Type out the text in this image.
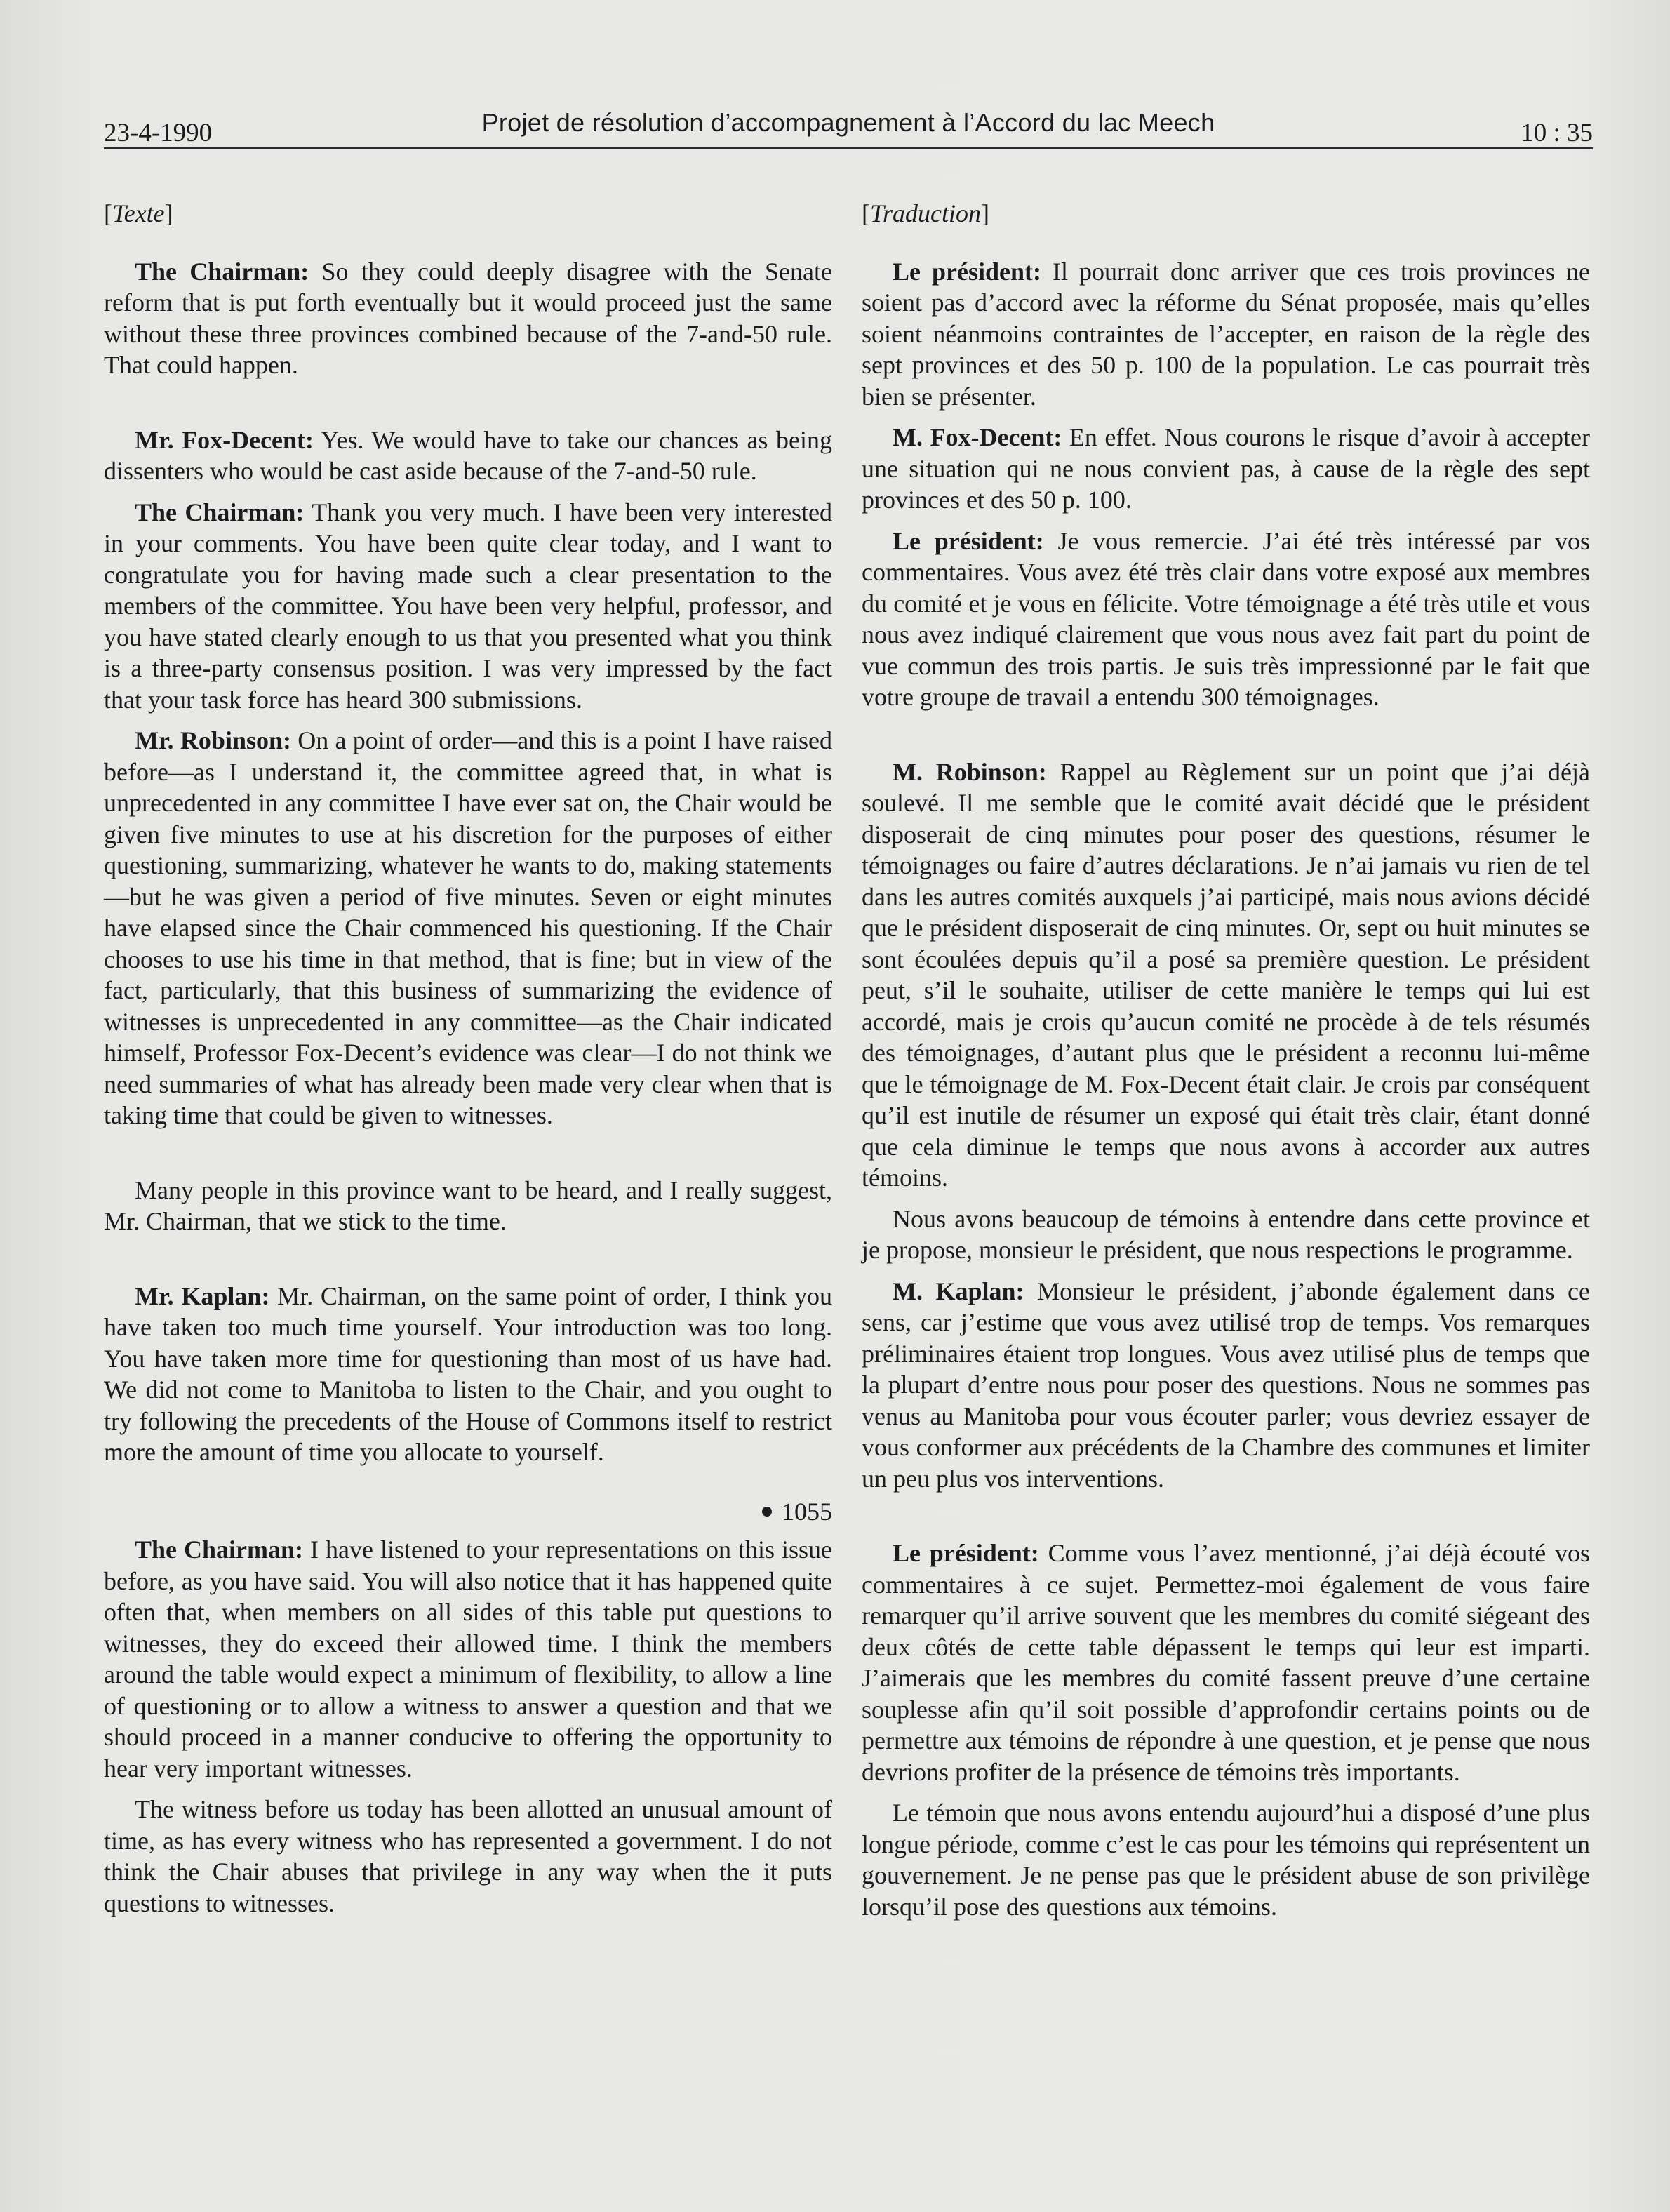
23-4-1990	Projet de résolution d’accompagnement à l’Accord du lac Meech	10 : 35

[Texte]

The Chairman: So they could deeply disagree with the Senate reform that is put forth eventually but it would proceed just the same without these three provinces combined because of the 7-and-50 rule. That could happen.

Mr. Fox-Decent: Yes. We would have to take our chances as being dissenters who would be cast aside because of the 7-and-50 rule.

The Chairman: Thank you very much. I have been very interested in your comments. You have been quite clear today, and I want to congratulate you for having made such a clear presentation to the members of the committee. You have been very helpful, professor, and you have stated clearly enough to us that you presented what you think is a three-party consensus position. I was very impressed by the fact that your task force has heard 300 submissions.

Mr. Robinson: On a point of order—and this is a point I have raised before—as I understand it, the committee agreed that, in what is unprecedented in any committee I have ever sat on, the Chair would be given five minutes to use at his discretion for the purposes of either questioning, summarizing, whatever he wants to do, making statements—but he was given a period of five minutes. Seven or eight minutes have elapsed since the Chair commenced his questioning. If the Chair chooses to use his time in that method, that is fine; but in view of the fact, particularly, that this business of summarizing the evidence of witnesses is unprecedented in any committee—as the Chair indicated himself, Professor Fox-Decent’s evidence was clear—I do not think we need summaries of what has already been made very clear when that is taking time that could be given to witnesses.

Many people in this province want to be heard, and I really suggest, Mr. Chairman, that we stick to the time.

Mr. Kaplan: Mr. Chairman, on the same point of order, I think you have taken too much time yourself. Your introduction was too long. You have taken more time for questioning than most of us have had. We did not come to Manitoba to listen to the Chair, and you ought to try following the precedents of the House of Commons itself to restrict more the amount of time you allocate to yourself.

1055

The Chairman: I have listened to your representations on this issue before, as you have said. You will also notice that it has happened quite often that, when members on all sides of this table put questions to witnesses, they do exceed their allowed time. I think the members around the table would expect a minimum of flexibility, to allow a line of questioning or to allow a witness to answer a question and that we should proceed in a manner conducive to offering the opportunity to hear very important witnesses.

The witness before us today has been allotted an unusual amount of time, as has every witness who has represented a government. I do not think the Chair abuses that privilege in any way when the it puts questions to witnesses.

[Traduction]

Le président: Il pourrait donc arriver que ces trois provinces ne soient pas d’accord avec la réforme du Sénat proposée, mais qu’elles soient néanmoins contraintes de l’accepter, en raison de la règle des sept provinces et des 50 p. 100 de la population. Le cas pourrait très bien se présenter.

M. Fox-Decent: En effet. Nous courons le risque d’avoir à accepter une situation qui ne nous convient pas, à cause de la règle des sept provinces et des 50 p. 100.

Le président: Je vous remercie. J’ai été très intéressé par vos commentaires. Vous avez été très clair dans votre exposé aux membres du comité et je vous en félicite. Votre témoignage a été très utile et vous nous avez indiqué clairement que vous nous avez fait part du point de vue commun des trois partis. Je suis très impressionné par le fait que votre groupe de travail a entendu 300 témoignages.

M. Robinson: Rappel au Règlement sur un point que j’ai déjà soulevé. Il me semble que le comité avait décidé que le président disposerait de cinq minutes pour poser des questions, résumer le témoignages ou faire d’autres déclarations. Je n’ai jamais vu rien de tel dans les autres comités auxquels j’ai participé, mais nous avions décidé que le président disposerait de cinq minutes. Or, sept ou huit minutes se sont écoulées depuis qu’il a posé sa première question. Le président peut, s’il le souhaite, utiliser de cette manière le temps qui lui est accordé, mais je crois qu’aucun comité ne procède à de tels résumés des témoignages, d’autant plus que le président a reconnu lui-même que le témoignage de M. Fox-Decent était clair. Je crois par conséquent qu’il est inutile de résumer un exposé qui était très clair, étant donné que cela diminue le temps que nous avons à accorder aux autres témoins.

Nous avons beaucoup de témoins à entendre dans cette province et je propose, monsieur le président, que nous respections le programme.

M. Kaplan: Monsieur le président, j’abonde également dans ce sens, car j’estime que vous avez utilisé trop de temps. Vos remarques préliminaires étaient trop longues. Vous avez utilisé plus de temps que la plupart d’entre nous pour poser des questions. Nous ne sommes pas venus au Manitoba pour vous écouter parler; vous devriez essayer de vous conformer aux précédents de la Chambre des communes et limiter un peu plus vos interventions.

Le président: Comme vous l’avez mentionné, j’ai déjà écouté vos commentaires à ce sujet. Permettez-moi également de vous faire remarquer qu’il arrive souvent que les membres du comité siégeant des deux côtés de cette table dépassent le temps qui leur est imparti. J’aimerais que les membres du comité fassent preuve d’une certaine souplesse afin qu’il soit possible d’approfondir certains points ou de permettre aux témoins de répondre à une question, et je pense que nous devrions profiter de la présence de témoins très importants.

Le témoin que nous avons entendu aujourd’hui a disposé d’une plus longue période, comme c’est le cas pour les témoins qui représentent un gouvernement. Je ne pense pas que le président abuse de son privilège lorsqu’il pose des questions aux témoins.
